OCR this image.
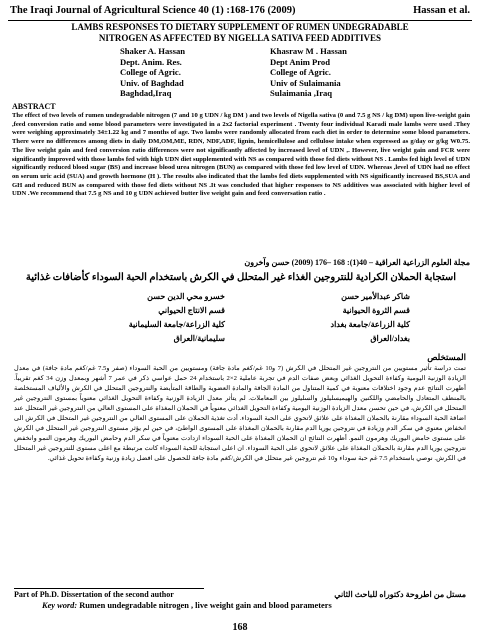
The Iraqi Journal of Agricultural Science 40 (1) :168-176 (2009)	Hassan et al.
LAMBS RESPONSES TO DIETARY SUPPLEMENT OF RUMEN UNDEGRADABLE
NITROGEN AS AFFECTED BY NIGELLA SATIVA FEED ADDITIVES
Shaker A. Hassan
Dept. Anim. Res.
College of Agric.
Univ. of Baghdad
Baghdad,Iraq
Khasraw M . Hassan
Dept Anim Prod
College of Agric.
Univ of Sulaimania
Sulaimania ,Iraq
ABSTRACT

The effect of two levels of rumen undegradable nitrogen (7 and 10 g UDN / kg DM ) and two levels of Nigella sativa (0 and 7.5 g NS / kg DM) upon live-weight gain ,feed conversion ratio and some blood parameters were investigated in a 2x2 factorial experiment . Twenty four individual Karadi male lambs were used .They were weighing approximately 34±1.22 kg and 7 months of age. Two lambs were randomly allocated from each diet in order to determine some blood parameters. There were no differences among diets in daily DM,OM,ME, RDN, NDF,ADF, lignin, hemicellulose and cellulose intake when expressed as g/day or g/kg W0.75. The live weight gain and feed conversion ratio differences were not significantly affected by increased level of UDN ,. However, live weight gain and FCR were significantly improved with those lambs fed with high UDN diet supplemented with NS as compared with those fed diets without NS . Lambs fed high level of UDN significantly reduced blood sugar (BS) and increase blood urea nitrogen (BUN) as compared with those fed low level of UDN. Whereas ,level of UDN had no effect on serum uric acid (SUA) and growth hormone (H ). The results also indicated that the lambs fed diets supplemented with NS significantly increased BS,SUA and GH and reduced BUN as compared with those fed diets without NS .It was concluded that higher responses to NS additives was associated with higher level of UDN .We recommend that 7.5 g NS and 10 g UDN achieved butter live weight gain and feed conversation ratio .

مجلة العلوم الزراعية العراقية – 40(1): 168 –176 (2009) حسن وآخرون
استجابة الحملان الكرادية للنتروجين الغذاء غير المتحلل في الكرش باستخدام الحبة السوداء كأضافات غذائية
شاكر عبدالأمير حسن
قسم الثروة الحيوانية
كلية الزراعة/جامعة بغداد
بغداد/العراق
خسرو محي الدين حسن
قسم الانتاج الحيواني
كلية الزراعة/جامعة السليمانية
سليمانية/العراق
المستخلص

تمت دراسة تأثير مستويين من النتروجين غير المتحلل في الكرش (7 و10 غم/كغم مادة جافة) ومستويين من الحبة السوداء (صفر و7.5 غم/كغم مادة جافة) في معدل الزيادة الوزنية اليومية وكفاءة التحويل الغذائي وبعض صفات الدم في تجربة عاملية 2×2 باستخدام 24 حمل عواسي ذكر في عمر 7 أشهر وبمعدل وزن 34 كغم تقريباً. أظهرت النتائج عدم وجود اختلافات معنوية في كمية المتناول من المادة الجافة والمادة العضوية والطاقة المتأيضة والنتروجين المتحلل في الكرش والألياف المستخلصة بالمنظف المتعادل والحامضي واللكنين والهيميسليلوز والسليلوز بين المعاملات. لم يتأثر معدل الزيادة الوزنية وكفاءة التحويل الغذائي معنوياً بمستوى النتروجين غير المتحلل في الكرش، في حين تحسن معدل الزيادة الوزنية اليومية وكفاءة التحويل الغذائي معنوياً في الحملان المغذاة على المستوى العالي من النتروجين غير المتحلل عند اضافة الحبة السوداء مقارنة بالحملان المغذاة على علائق لاتحوي على الحبة السوداء. أدت تغذية الحملان على المستوى العالي من النتروجين غير المتحلل في الكرش الى انخفاض معنوي في سكر الدم وزيادة في نتروجين يوريا الدم مقارنة بالحملان المغذاة على المستوى الواطئ، في حين لم يؤثر مستوى النتروجين غير المتحلل في الكرش على مستوى حامض اليوريك وهرمون النمو. أظهرت النتائج ان الحملان المغذاة على الحبة السوداء ازدادت معنوياً في سكر الدم وحامض اليوريك وهرمون النمو وانخفض نتروجين يوريا الدم مقارنة بالحملان المغذاة على علائق لاتحوي على الحبة السوداء. ان اعلى استجابة للحبة السوداء كانت مرتبطة مع اعلى مستوى للنتروجين غير المتحلل في الكرش. نوصي باستخدام 7.5 غم حبة سوداء و10 غم نتروجين غير متحلل في الكرش/كغم مادة جافة للحصول على افضل زيادة وزنية وكفاءة تحويل غذائي.

Part of Ph.D. Dissertation of the second author	مستل من اطروحة دكتوراه للباحث الثاني
Key word: Rumen undegradable nitrogen , live weight gain and blood parameters
168
